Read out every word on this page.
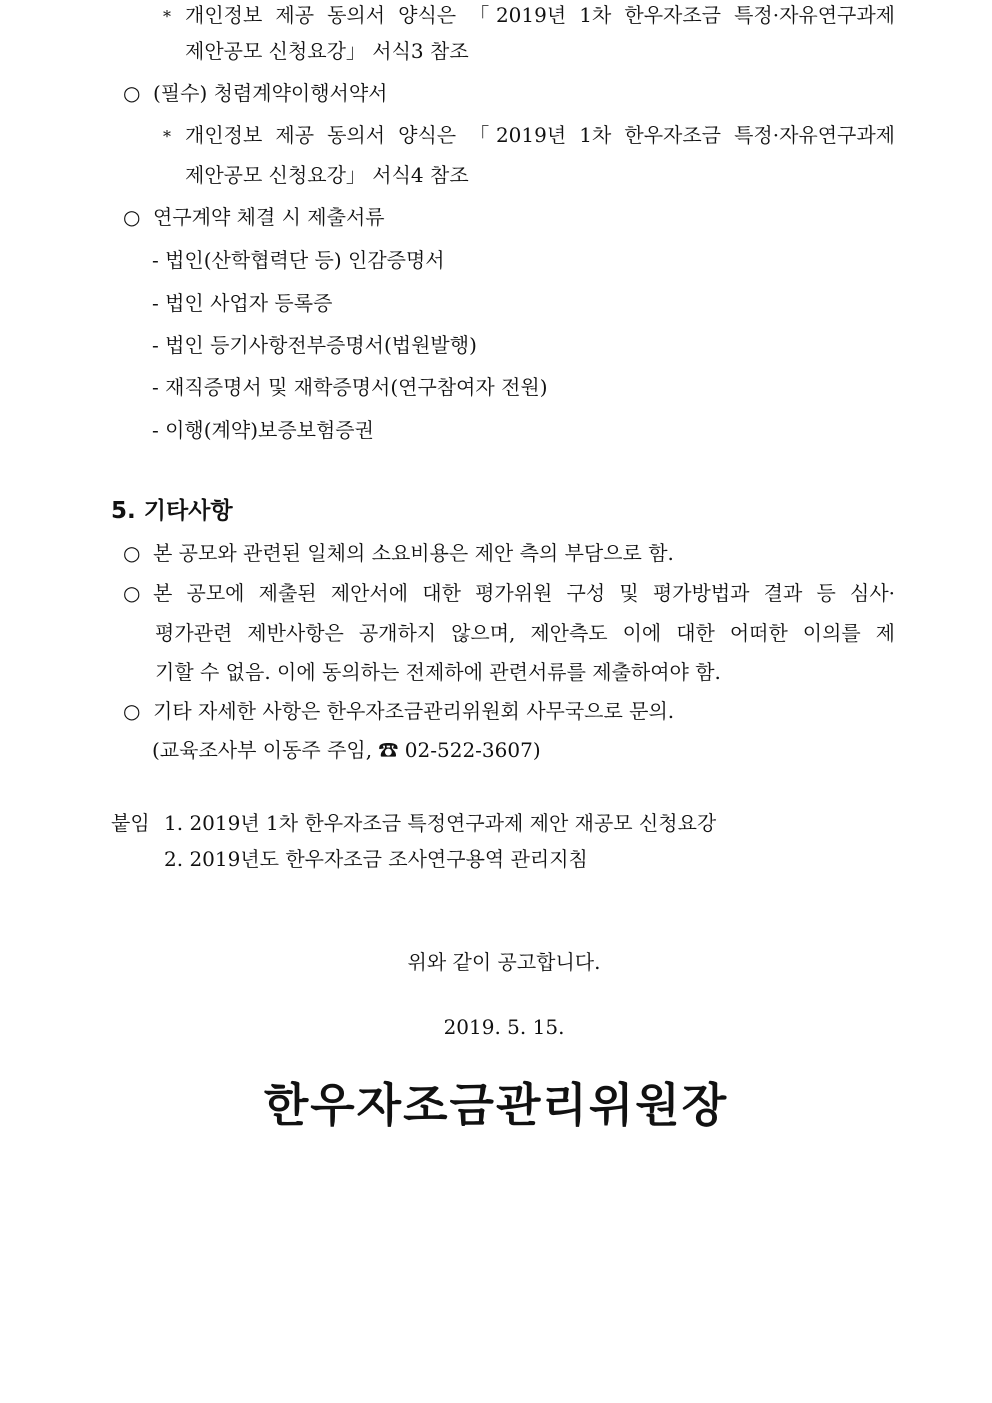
* 개인정보 제공 동의서 양식은 「2019년 1차 한우자조금 특정·자유연구과제
제안공모 신청요강」 서식3 참조
○ (필수) 청렴계약이행서약서
* 개인정보 제공 동의서 양식은 「2019년 1차 한우자조금 특정·자유연구과제
제안공모 신청요강」 서식4 참조
○ 연구계약 체결 시 제출서류
- 법인(산학협력단 등) 인감증명서
- 법인 사업자 등록증
- 법인 등기사항전부증명서(법원발행)
- 재직증명서 및 재학증명서(연구참여자 전원)
- 이행(계약)보증보험증권
5. 기타사항
○ 본 공모와 관련된 일체의 소요비용은 제안 측의 부담으로 함.
○ 본 공모에 제출된 제안서에 대한 평가위원 구성 및 평가방법과 결과 등 심사·
평가관련 제반사항은 공개하지 않으며, 제안측도 이에 대한 어떠한 이의를 제
기할 수 없음. 이에 동의하는 전제하에 관련서류를 제출하여야 함.
○ 기타 자세한 사항은 한우자조금관리위원회 사무국으로 문의.
(교육조사부 이동주 주임, ☎ 02-522-3607)
붙임 1. 2019년 1차 한우자조금 특정연구과제 제안 재공모 신청요강
2. 2019년도 한우자조금 조사연구용역 관리지침
위와 같이 공고합니다.
2019. 5. 15.
한우자조금관리위원장
